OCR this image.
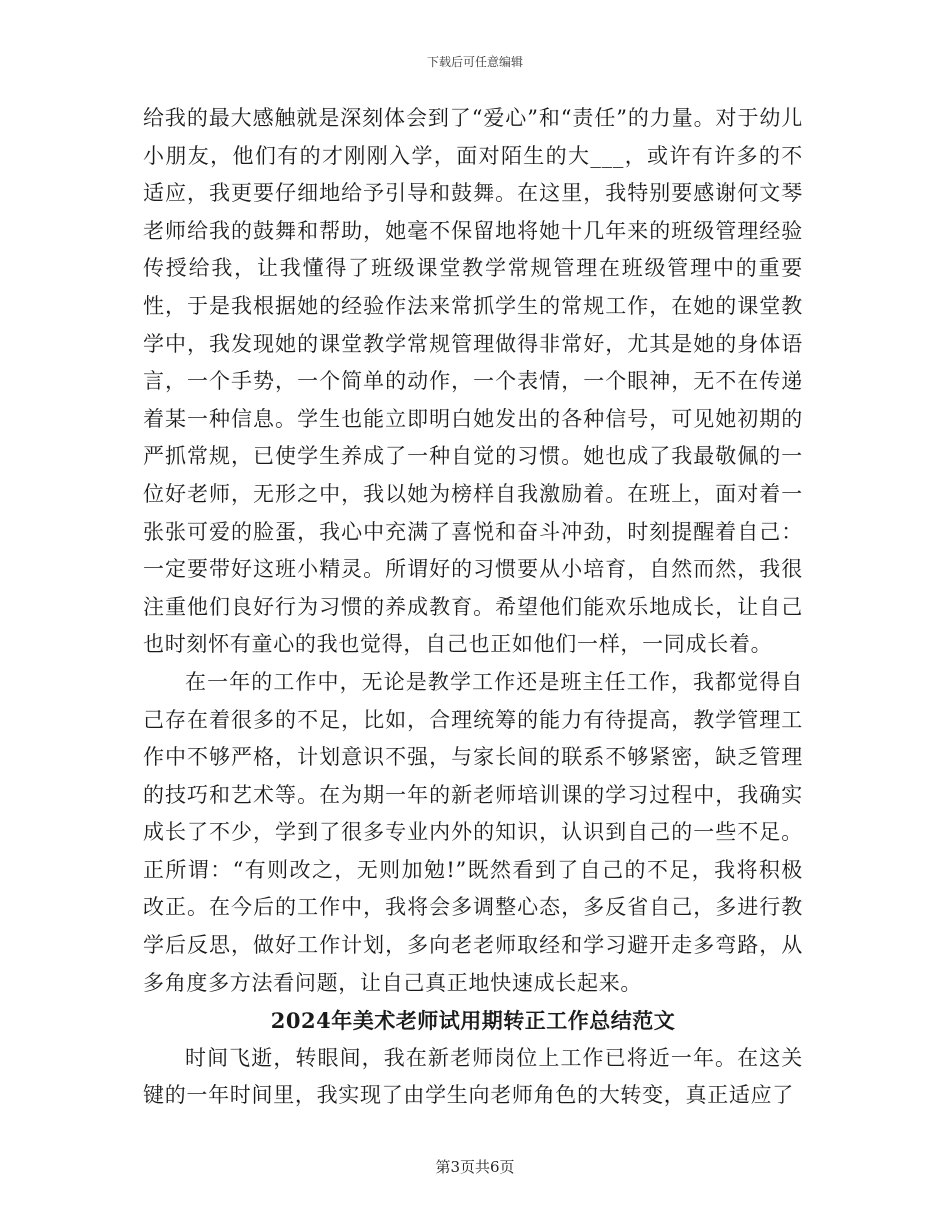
下载后可任意编辑

给我的最大感触就是深刻体会到了“爱心”和“责任”的力量。对于幼儿小朋友，他们有的才刚刚入学，面对陌生的大___，或许有许多的不适应，我更要仔细地给予引导和鼓舞。在这里，我特别要感谢何文琴老师给我的鼓舞和帮助，她毫不保留地将她十几年来的班级管理经验传授给我，让我懂得了班级课堂教学常规管理在班级管理中的重要性，于是我根据她的经验作法来常抓学生的常规工作，在她的课堂教学中，我发现她的课堂教学常规管理做得非常好，尤其是她的身体语言，一个手势，一个简单的动作，一个表情，一个眼神，无不在传递着某一种信息。学生也能立即明白她发出的各种信号，可见她初期的严抓常规，已使学生养成了一种自觉的习惯。她也成了我最敬佩的一位好老师，无形之中，我以她为榜样自我激励着。在班上，面对着一张张可爱的脸蛋，我心中充满了喜悦和奋斗冲劲，时刻提醒着自己：一定要带好这班小精灵。所谓好的习惯要从小培育，自然而然，我很注重他们良好行为习惯的养成教育。希望他们能欢乐地成长，让自己也时刻怀有童心的我也觉得，自己也正如他们一样，一同成长着。

在一年的工作中，无论是教学工作还是班主任工作，我都觉得自己存在着很多的不足，比如，合理统筹的能力有待提高，教学管理工作中不够严格，计划意识不强，与家长间的联系不够紧密，缺乏管理的技巧和艺术等。在为期一年的新老师培训课的学习过程中，我确实成长了不少，学到了很多专业内外的知识，认识到自己的一些不足。正所谓：“有则改之，无则加勉!”既然看到了自己的不足，我将积极改正。在今后的工作中，我将会多调整心态，多反省自己，多进行教学后反思，做好工作计划，多向老老师取经和学习避开走多弯路，从多角度多方法看问题，让自己真正地快速成长起来。

2024年美术老师试用期转正工作总结范文

时间飞逝，转眼间，我在新老师岗位上工作已将近一年。在这关键的一年时间里，我实现了由学生向老师角色的大转变，真正适应了

第3页共6页
